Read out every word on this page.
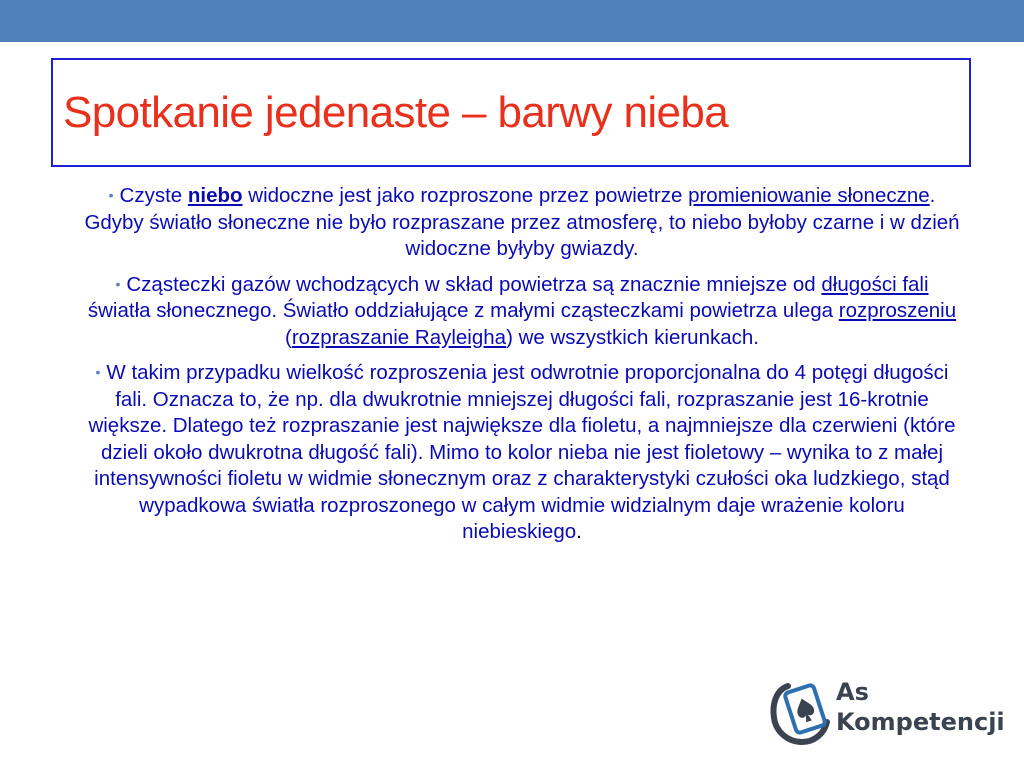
Spotkanie jedenaste – barwy nieba

• Czyste niebo widoczne jest jako rozproszone przez powietrze promieniowanie słoneczne. Gdyby światło słoneczne nie było rozpraszane przez atmosferę, to niebo byłoby czarne i w dzień widoczne byłyby gwiazdy.

• Cząsteczki gazów wchodzących w skład powietrza są znacznie mniejsze od długości fali światła słonecznego. Światło oddziałujące z małymi cząsteczkami powietrza ulega rozproszeniu (rozpraszanie Rayleigha) we wszystkich kierunkach.

• W takim przypadku wielkość rozproszenia jest odwrotnie proporcjonalna do 4 potęgi długości fali. Oznacza to, że np. dla dwukrotnie mniejszej długości fali, rozpraszanie jest 16-krotnie większe. Dlatego też rozpraszanie jest największe dla fioletu, a najmniejsze dla czerwieni (które dzieli około dwukrotna długość fali). Mimo to kolor nieba nie jest fioletowy – wynika to z małej intensywności fioletu w widmie słonecznym oraz z charakterystyki czułości oka ludzkiego, stąd wypadkowa światła rozproszonego w całym widmie widzialnym daje wrażenie koloru niebieskiego.

As
Kompetencji
